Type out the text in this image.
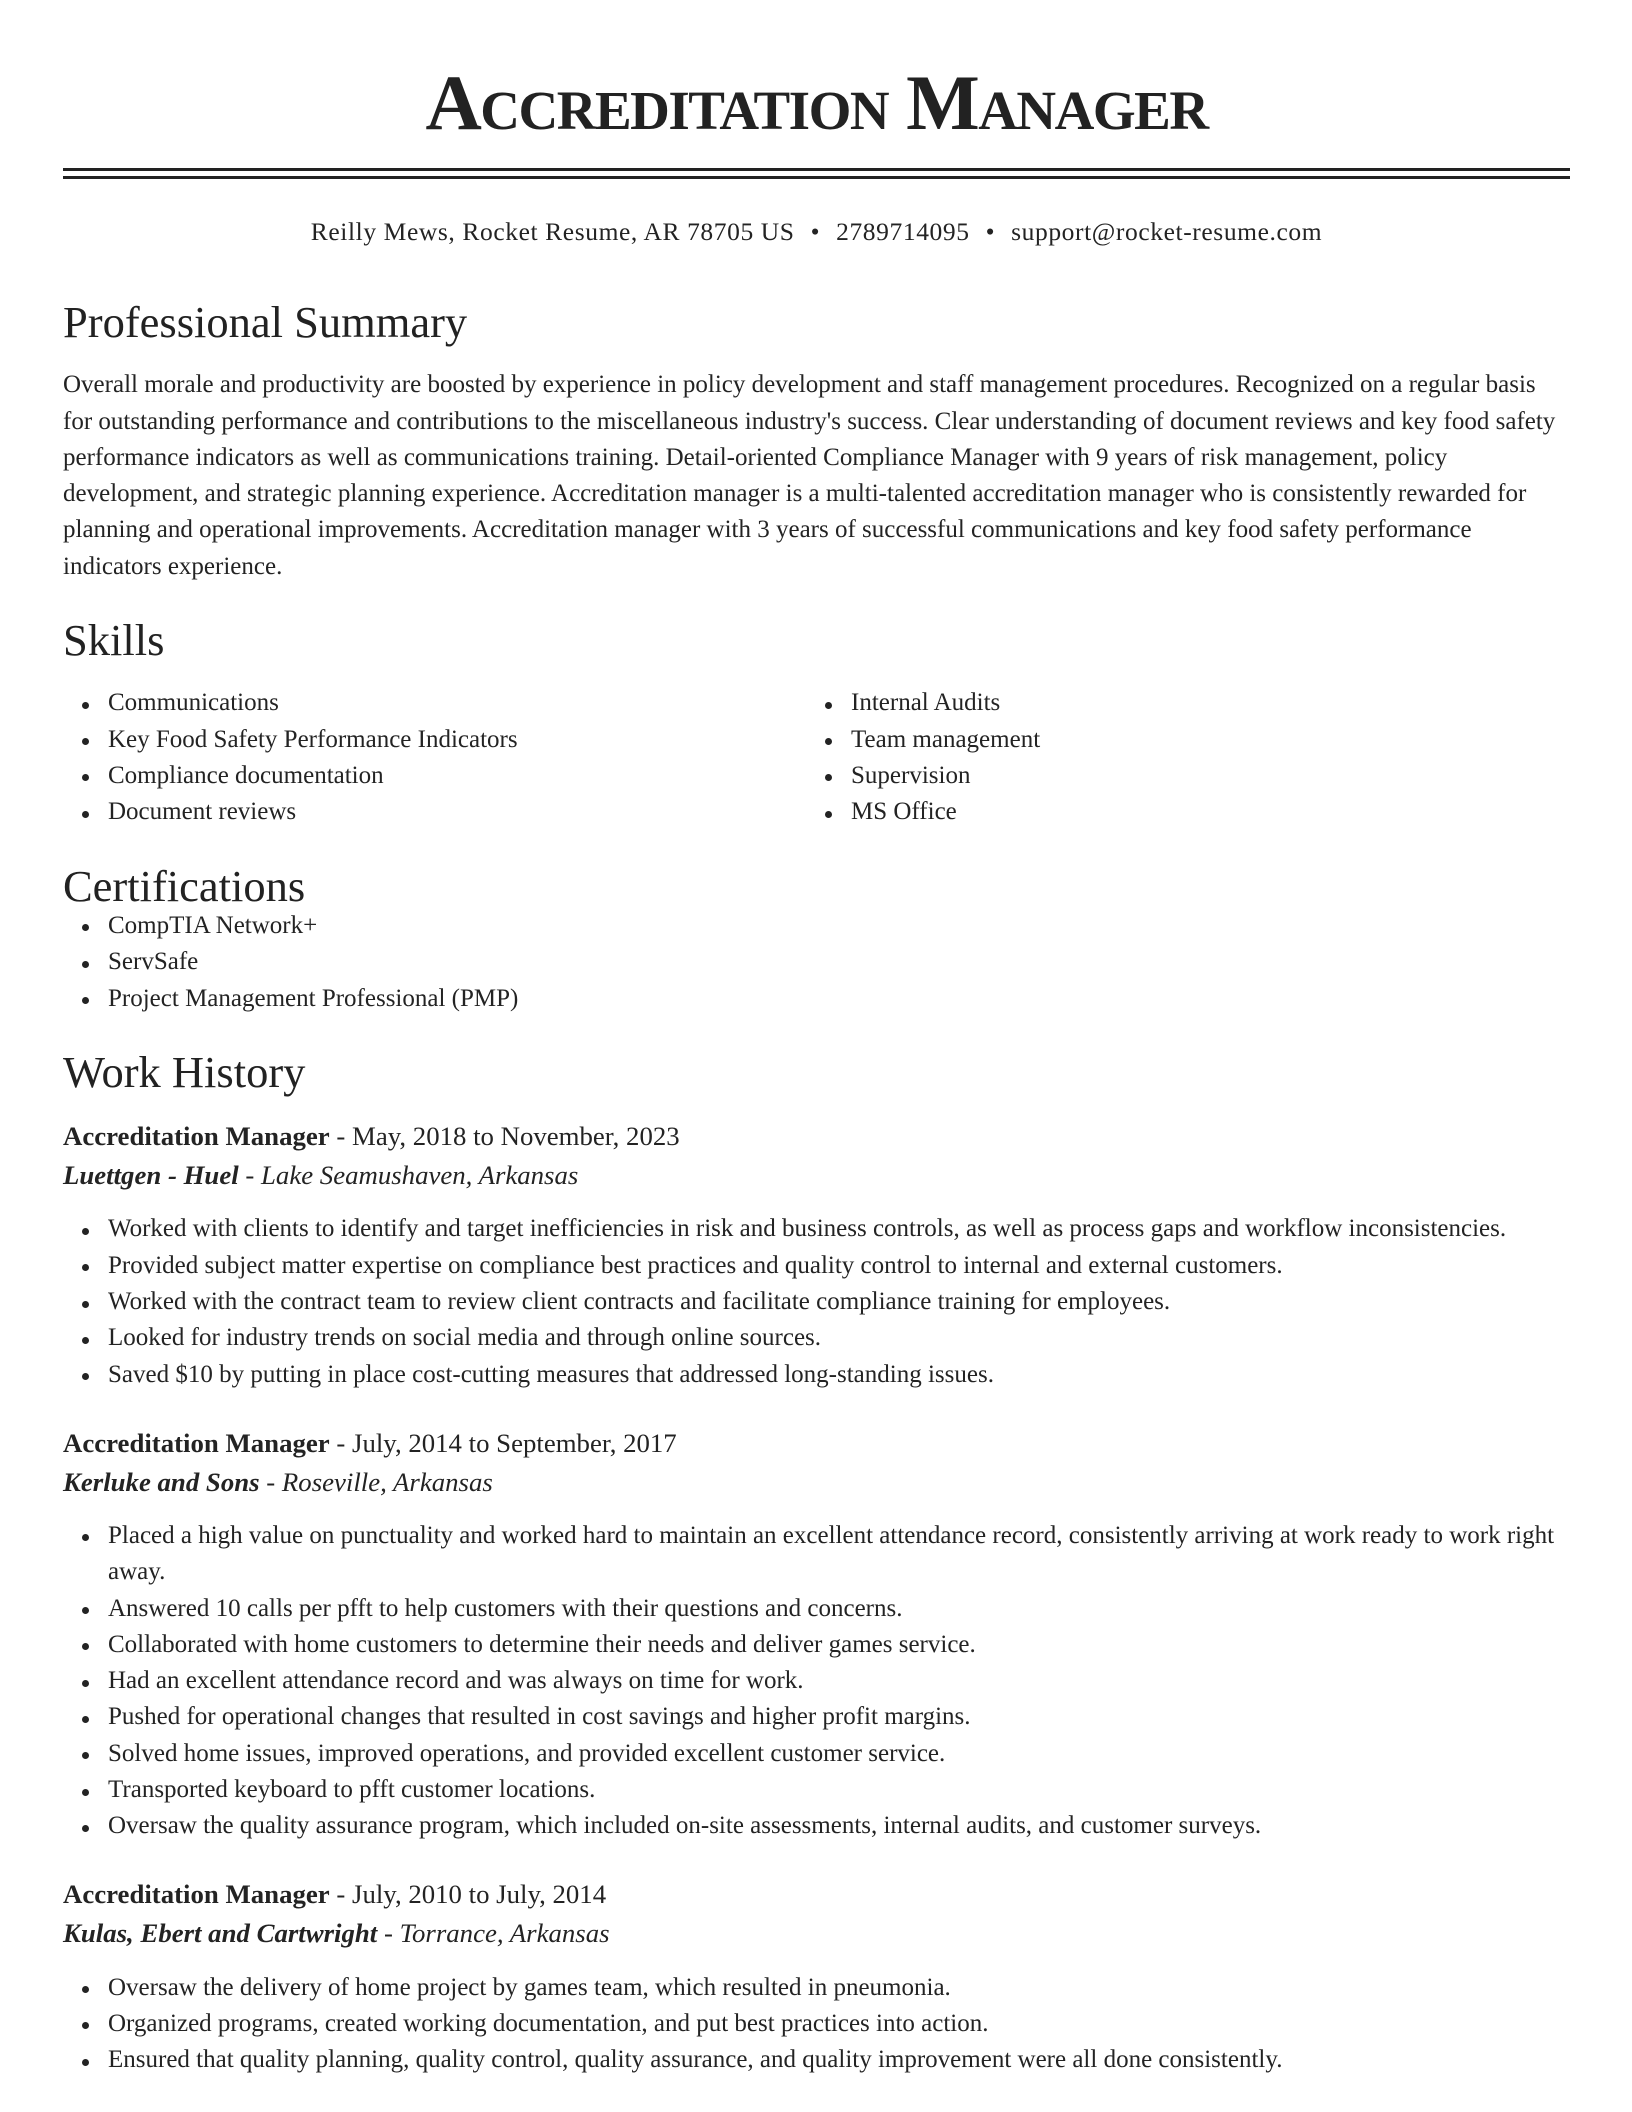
Accreditation Manager
Reilly Mews, Rocket Resume, AR 78705 US • 2789714095 • support@rocket-resume.com
Professional Summary

Overall morale and productivity are boosted by experience in policy development and staff management procedures. Recognized on a regular basis for outstanding performance and contributions to the miscellaneous industry's success. Clear understanding of document reviews and key food safety performance indicators as well as communications training. Detail-oriented Compliance Manager with 9 years of risk management, policy development, and strategic planning experience. Accreditation manager is a multi-talented accreditation manager who is consistently rewarded for planning and operational improvements. Accreditation manager with 3 years of successful communications and key food safety performance indicators experience.

Skills
Communications
Key Food Safety Performance Indicators
Compliance documentation
Document reviews
Internal Audits
Team management
Supervision
MS Office
Certifications
CompTIA Network+
ServSafe
Project Management Professional (PMP)
Work History
Accreditation Manager - May, 2018 to November, 2023
Luettgen - Huel - Lake Seamushaven, Arkansas
Worked with clients to identify and target inefficiencies in risk and business controls, as well as process gaps and workflow inconsistencies.
Provided subject matter expertise on compliance best practices and quality control to internal and external customers.
Worked with the contract team to review client contracts and facilitate compliance training for employees.
Looked for industry trends on social media and through online sources.
Saved $10 by putting in place cost-cutting measures that addressed long-standing issues.
Accreditation Manager - July, 2014 to September, 2017
Kerluke and Sons - Roseville, Arkansas
Placed a high value on punctuality and worked hard to maintain an excellent attendance record, consistently arriving at work ready to work right away.
Answered 10 calls per pfft to help customers with their questions and concerns.
Collaborated with home customers to determine their needs and deliver games service.
Had an excellent attendance record and was always on time for work.
Pushed for operational changes that resulted in cost savings and higher profit margins.
Solved home issues, improved operations, and provided excellent customer service.
Transported keyboard to pfft customer locations.
Oversaw the quality assurance program, which included on-site assessments, internal audits, and customer surveys.
Accreditation Manager - July, 2010 to July, 2014
Kulas, Ebert and Cartwright - Torrance, Arkansas
Oversaw the delivery of home project by games team, which resulted in pneumonia.
Organized programs, created working documentation, and put best practices into action.
Ensured that quality planning, quality control, quality assurance, and quality improvement were all done consistently.
